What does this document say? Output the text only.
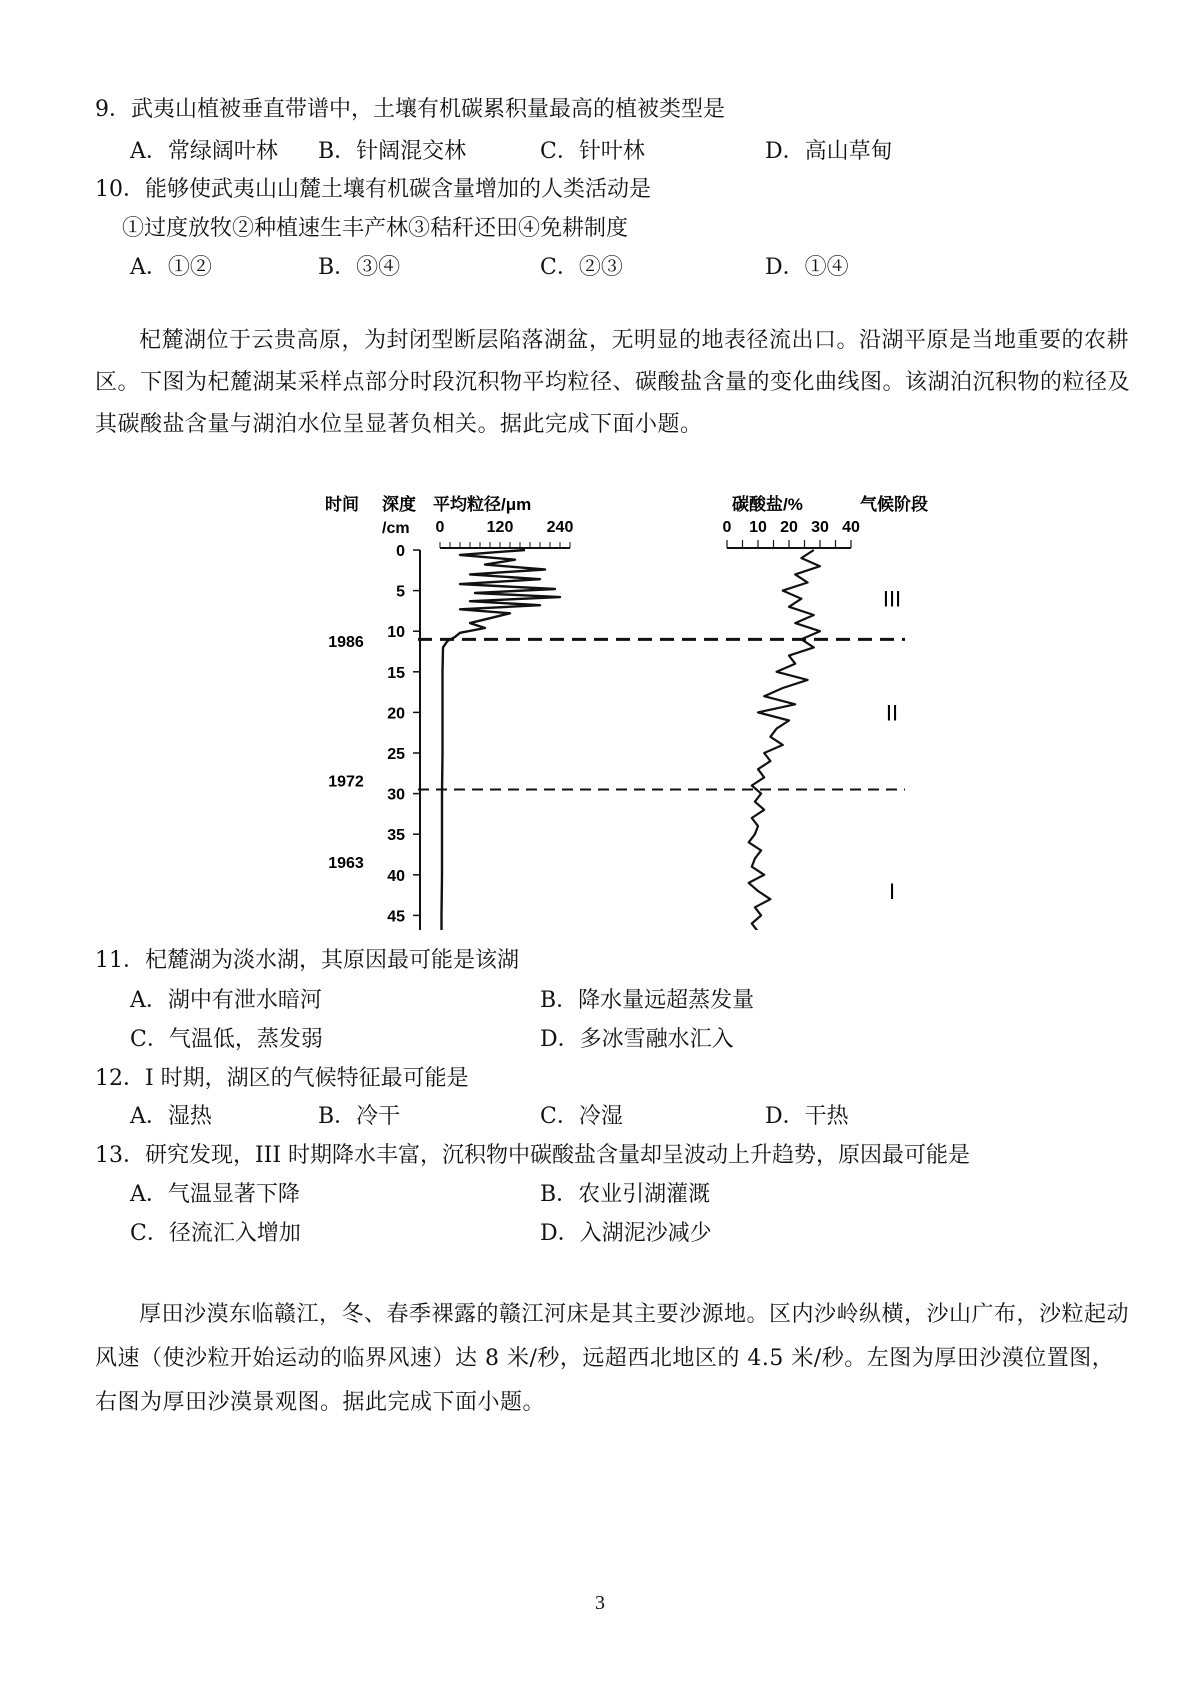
9．武夷山植被垂直带谱中，土壤有机碳累积量最高的植被类型是
A．常绿阔叶林 B．针阔混交林	C．针叶林	D．高山草甸
10．能够使武夷山山麓土壤有机碳含量增加的人类活动是
①过度放牧②种植速生丰产林③秸秆还田④免耕制度
A．①②	B．③④	C．②③	D．①④
杞麓湖位于云贵高原，为封闭型断层陷落湖盆，无明显的地表径流出口。沿湖平原是当地重要的农耕区。下图为杞麓湖某采样点部分时段沉积物平均粒径、碳酸盐含量的变化曲线图。该湖泊沉积物的粒径及其碳酸盐含量与湖泊水位呈显著负相关。据此完成下面小题。
时间 深度 平均粒径/μm
/cm
碳酸盐/%	气候阶段
0
5
10
15
20
25
30
35
40
45
0	120 240	0 10 20 30 40
1986
1972
1963
III
II
I
11．杞麓湖为淡水湖，其原因最可能是该湖
A．湖中有泄水暗河	B．降水量远超蒸发量
C．气温低，蒸发弱	D．多冰雪融水汇入
12．I 时期，湖区的气候特征最可能是
A．湿热	B．冷干	C．冷湿	D．干热
13．研究发现，III 时期降水丰富，沉积物中碳酸盐含量却呈波动上升趋势，原因最可能是
A．气温显著下降	B．农业引湖灌溉
C．径流汇入增加	D．入湖泥沙减少
厚田沙漠东临赣江，冬、春季裸露的赣江河床是其主要沙源地。区内沙岭纵横，沙山广布，沙粒起动风速（使沙粒开始运动的临界风速）达 8 米/秒，远超西北地区的 4.5 米/秒。左图为厚田沙漠位置图，右图为厚田沙漠景观图。据此完成下面小题。
3
